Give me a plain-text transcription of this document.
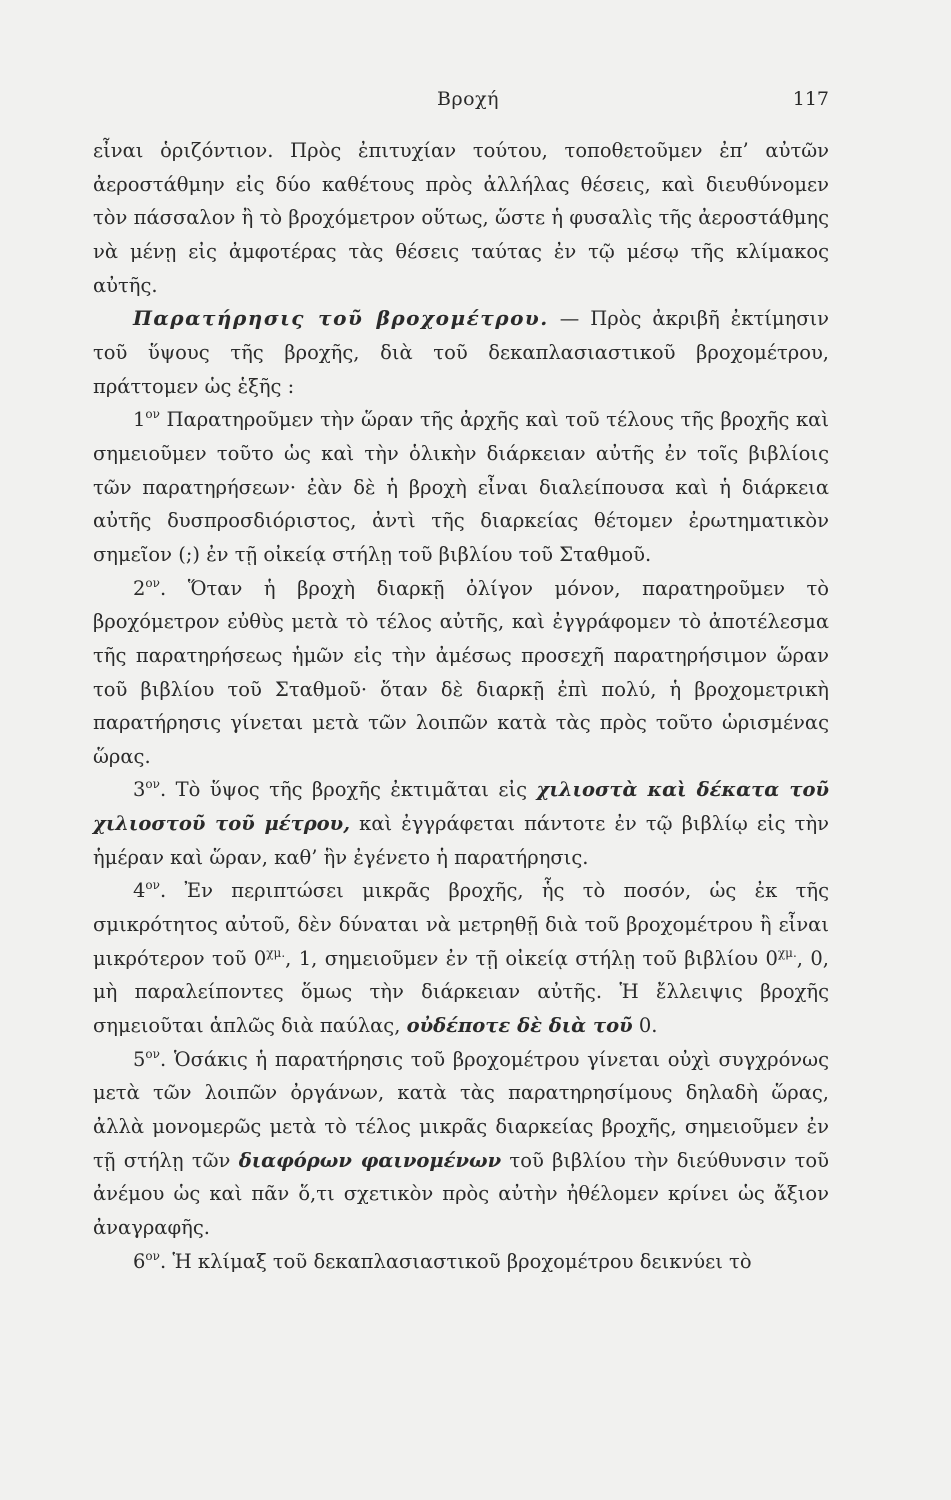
Βροχή	117

εἶναι ὁριζόντιον. Πρὸς ἐπιτυχίαν τούτου, τοποθετοῦμεν ἐπ’ αὐτῶν ἀεροστάθμην εἰς δύο καθέτους πρὸς ἀλλήλας θέσεις, καὶ διευθύνομεν τὸν πάσσαλον ἢ τὸ βροχόμετρον οὕτως, ὥστε ἡ φυσαλὶς τῆς ἀεροστάθμης νὰ μένῃ εἰς ἀμφοτέρας τὰς θέσεις ταύτας ἐν τῷ μέσῳ τῆς κλίμακος αὐτῆς.

Παρατήρησις τοῦ βροχομέτρου. — Πρὸς ἀκριβῆ ἐκτίμησιν τοῦ ὕψους τῆς βροχῆς, διὰ τοῦ δεκαπλασιαστικοῦ βροχομέτρου, πράττομεν ὡς ἑξῆς :

$1^{o\nu}$ Παρατηροῦμεν τὴν ὥραν τῆς ἀρχῆς καὶ τοῦ τέλους τῆς βροχῆς καὶ σημειοῦμεν τοῦτο ὡς καὶ τὴν ὁλικὴν διάρκειαν αὐτῆς ἐν τοῖς βιβλίοις τῶν παρατηρήσεων· ἐὰν δὲ ἡ βροχὴ εἶναι διαλείπουσα καὶ ἡ διάρκεια αὐτῆς δυσπροσδιόριστος, ἀντὶ τῆς διαρκείας θέτομεν ἐρωτηματικὸν σημεῖον (;) ἐν τῇ οἰκείᾳ στήλῃ τοῦ βιβλίου τοῦ Σταθμοῦ.

$2^{o\nu}$. Ὅταν ἡ βροχὴ διαρκῇ ὀλίγον μόνον, παρατηροῦμεν τὸ βροχόμετρον εὐθὺς μετὰ τὸ τέλος αὐτῆς, καὶ ἐγγράφομεν τὸ ἀποτέλεσμα τῆς παρατηρήσεως ἡμῶν εἰς τὴν ἀμέσως προσεχῆ παρατηρήσιμον ὥραν τοῦ βιβλίου τοῦ Σταθμοῦ· ὅταν δὲ διαρκῇ ἐπὶ πολύ, ἡ βροχομετρικὴ παρατήρησις γίνεται μετὰ τῶν λοιπῶν κατὰ τὰς πρὸς τοῦτο ὡρισμένας ὥρας.

$3^{o\nu}$. Τὸ ὕψος τῆς βροχῆς ἐκτιμᾶται εἰς χιλιοστὰ καὶ δέκατα τοῦ χιλιοστοῦ τοῦ μέτρου, καὶ ἐγγράφεται πάντοτε ἐν τῷ βιβλίῳ εἰς τὴν ἡμέραν καὶ ὥραν, καθ’ ἣν ἐγένετο ἡ παρατήρησις.

$4^{o\nu}$. Ἐν περιπτώσει μικρᾶς βροχῆς, ἧς τὸ ποσόν, ὡς ἐκ τῆς σμικρότητος αὐτοῦ, δὲν δύναται νὰ μετρηθῇ διὰ τοῦ βροχομέτρου ἢ εἶναι μικρότερον τοῦ $0^{\chi\mu.}$, 1, σημειοῦμεν ἐν τῇ οἰκείᾳ στήλῃ τοῦ βιβλίου $0^{\chi\mu.}$, 0, μὴ παραλείποντες ὅμως τὴν διάρκειαν αὐτῆς. Ἡ ἔλλειψις βροχῆς σημειοῦται ἁπλῶς διὰ παύλας, οὐδέποτε δὲ διὰ τοῦ 0.

$5^{o\nu}$. Ὁσάκις ἡ παρατήρησις τοῦ βροχομέτρου γίνεται οὐχὶ συγχρόνως μετὰ τῶν λοιπῶν ὀργάνων, κατὰ τὰς παρατηρησίμους δηλαδὴ ὥρας, ἀλλὰ μονομερῶς μετὰ τὸ τέλος μικρᾶς διαρκείας βροχῆς, σημειοῦμεν ἐν τῇ στήλῃ τῶν διαφόρων φαινομένων τοῦ βιβλίου τὴν διεύθυνσιν τοῦ ἀνέμου ὡς καὶ πᾶν ὅ,τι σχετικὸν πρὸς αὐτὴν ἠθέλομεν κρίνει ὡς ἄξιον ἀναγραφῆς.

$6^{o\nu}$. Ἡ κλίμαξ τοῦ δεκαπλασιαστικοῦ βροχομέτρου δεικνύει τὸ
